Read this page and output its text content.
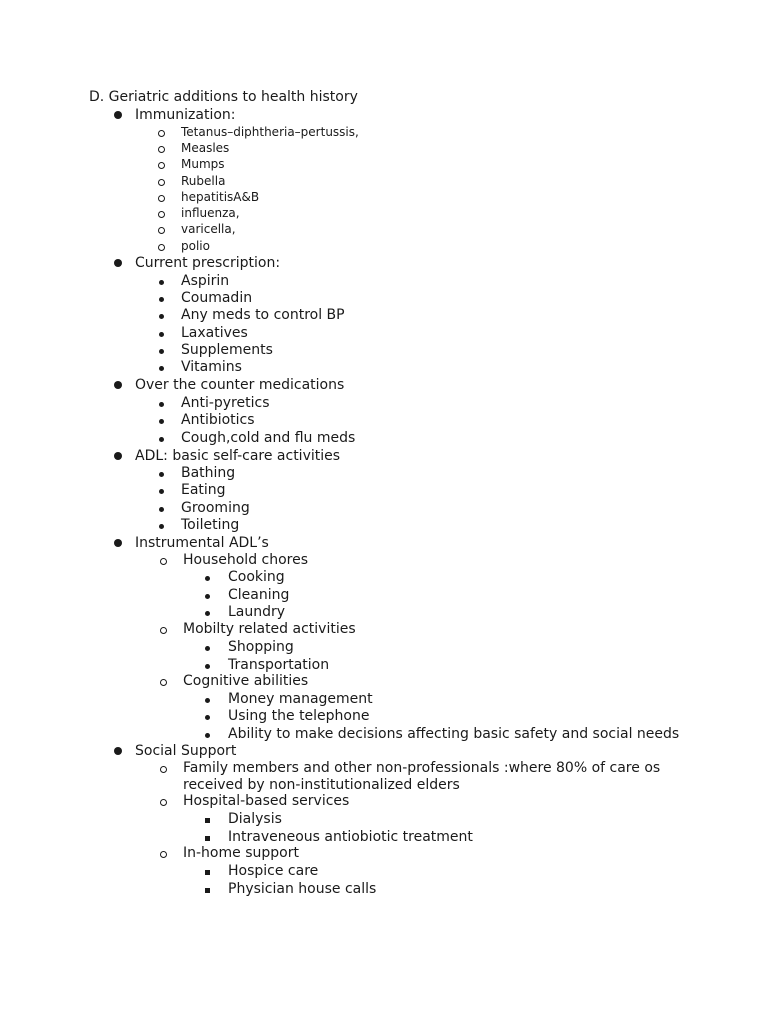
D. Geriatric additions to health history
Immunization:
Tetanus–diphtheria–pertussis,
Measles
Mumps
Rubella
hepatitisA&B
influenza,
varicella,
polio
Current prescription:
Aspirin
Coumadin
Any meds to control BP
Laxatives
Supplements
Vitamins
Over the counter medications
Anti-pyretics
Antibiotics
Cough,cold and flu meds
ADL: basic self-care activities
Bathing
Eating
Grooming
Toileting
Instrumental ADL’s
Household chores
Cooking
Cleaning
Laundry
Mobilty related activities
Shopping
Transportation
Cognitive abilities
Money management
Using the telephone
Ability to make decisions affecting basic safety and social needs
Social Support
Family members and other non-professionals :where 80% of care os
received by non-institutionalized elders
Hospital-based services
Dialysis
Intraveneous antiobiotic treatment
In-home support
Hospice care
Physician house calls
